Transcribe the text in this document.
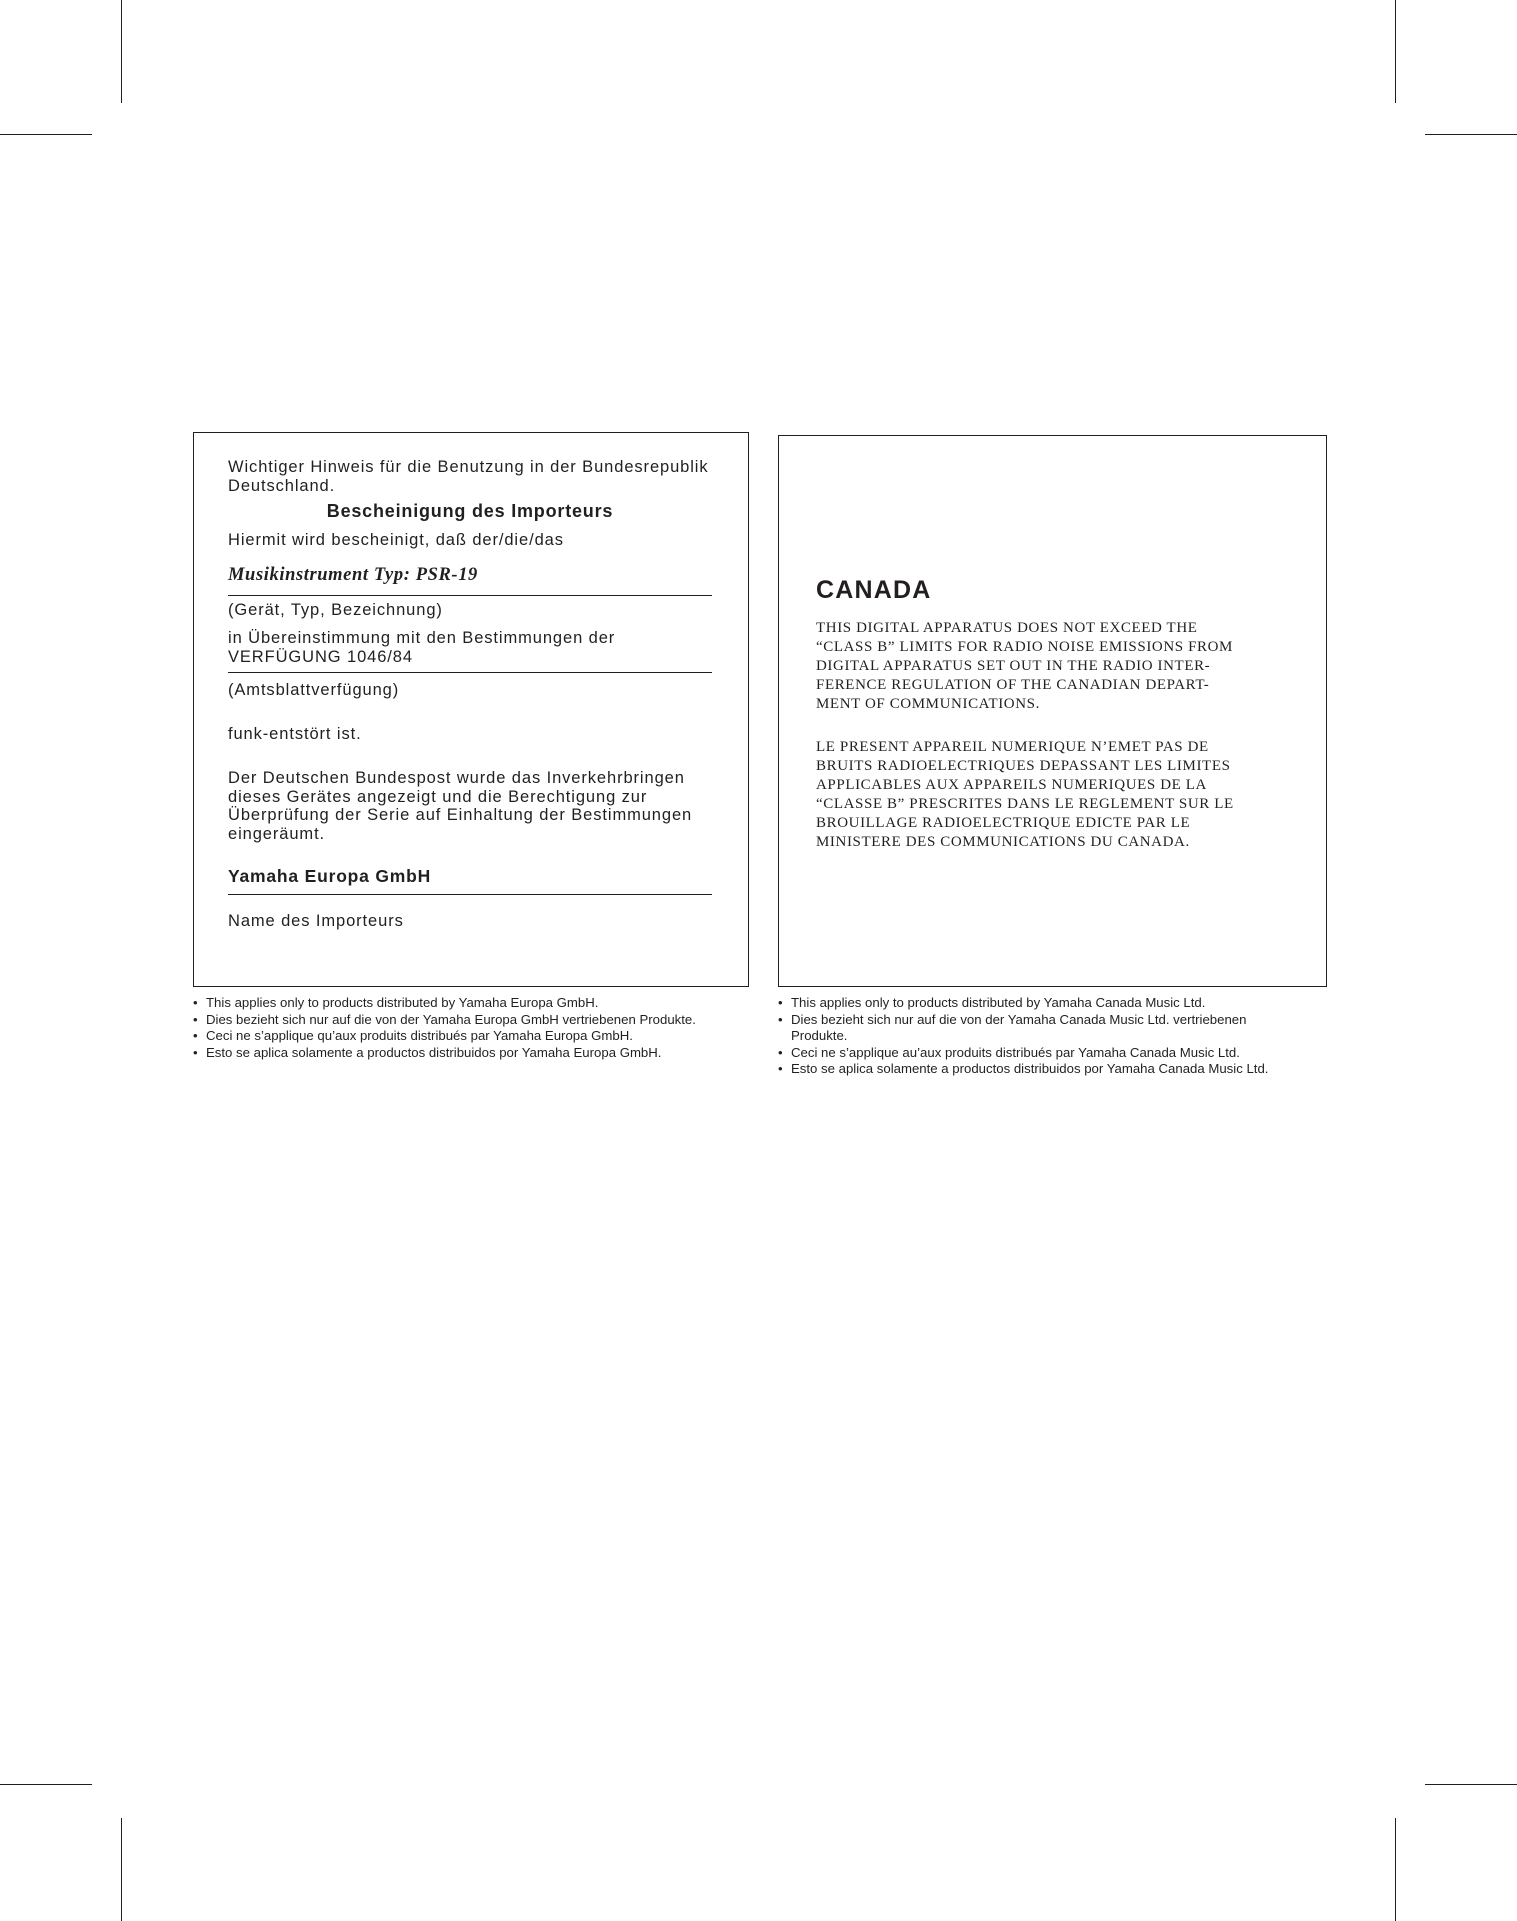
Wichtiger Hinweis für die Benutzung in der Bundesrepublik
Deutschland.
Bescheinigung des Importeurs
Hiermit wird bescheinigt, daß der/die/das
Musikinstrument Typ: PSR-19
(Gerät, Typ, Bezeichnung)
in Übereinstimmung mit den Bestimmungen der
VERFÜGUNG 1046/84
(Amtsblattverfügung)
funk-entstört ist.
Der Deutschen Bundespost wurde das Inverkehrbringen
dieses Gerätes angezeigt und die Berechtigung zur
Überprüfung der Serie auf Einhaltung der Bestimmungen
eingeräumt.
Yamaha Europa GmbH
Name des Importeurs
CANADA
THIS DIGITAL APPARATUS DOES NOT EXCEED THE
“CLASS B” LIMITS FOR RADIO NOISE EMISSIONS FROM
DIGITAL APPARATUS SET OUT IN THE RADIO INTER-
FERENCE REGULATION OF THE CANADIAN DEPART-
MENT OF COMMUNICATIONS.
LE PRESENT APPAREIL NUMERIQUE N’EMET PAS DE
BRUITS RADIOELECTRIQUES DEPASSANT LES LIMITES
APPLICABLES AUX APPAREILS NUMERIQUES DE LA
“CLASSE B” PRESCRITES DANS LE REGLEMENT SUR LE
BROUILLAGE RADIOELECTRIQUE EDICTE PAR LE
MINISTERE DES COMMUNICATIONS DU CANADA.
• This applies only to products distributed by Yamaha Europa GmbH.
• Dies bezieht sich nur auf die von der Yamaha Europa GmbH vertriebenen Produkte.
• Ceci ne s’applique qu’aux produits distribués par Yamaha Europa GmbH.
• Esto se aplica solamente a productos distribuidos por Yamaha Europa GmbH.
• This applies only to products distributed by Yamaha Canada Music Ltd.
• Dies bezieht sich nur auf die von der Yamaha Canada Music Ltd. vertriebenen
Produkte.
• Ceci ne s’applique au’aux produits distribués par Yamaha Canada Music Ltd.
• Esto se aplica solamente a productos distribuidos por Yamaha Canada Music Ltd.
